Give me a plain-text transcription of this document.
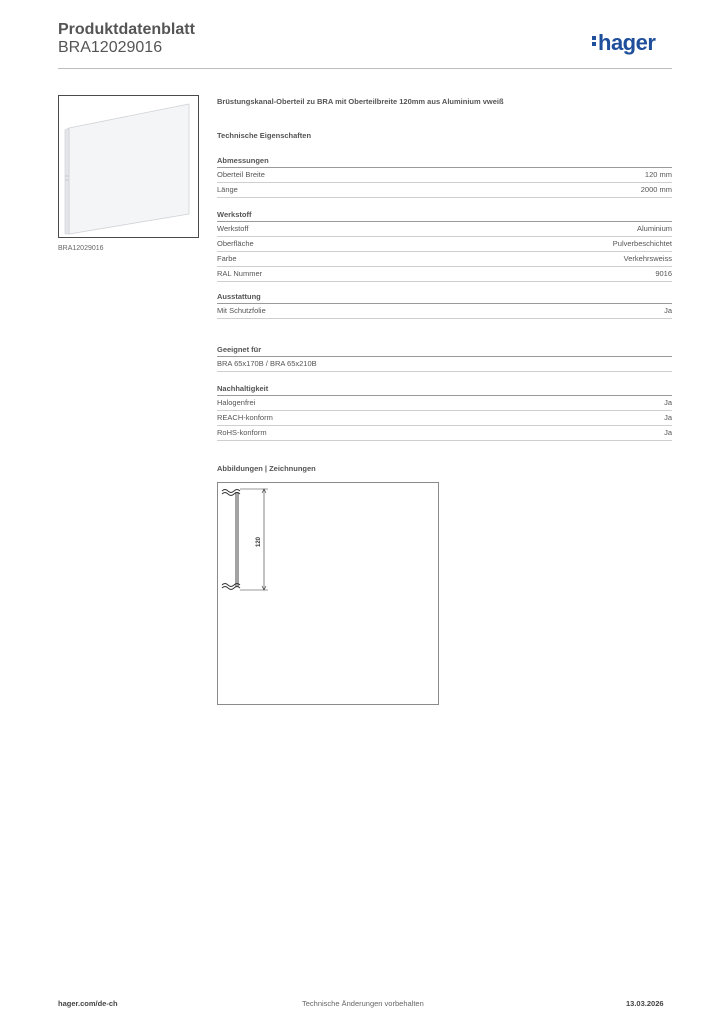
Produktdatenblatt
BRA12029016	hager
BRA12029016
Brüstungskanal-Oberteil zu BRA mit Oberteilbreite 120mm aus Aluminium vweiß
Technische Eigenschaften
Abmessungen
Oberteil Breite	120 mm
Länge	2000 mm
Werkstoff
Werkstoff	Aluminium
Oberfläche	Pulverbeschichtet
Farbe	Verkehrsweiss
RAL Nummer	9016
Ausstattung
Mit Schutzfolie	Ja
Geeignet für
BRA 65x170B / BRA 65x210B
Nachhaltigkeit
Halogenfrei	Ja
REACH-konform	Ja
RoHS-konform	Ja
Abbildungen | Zeichnungen
120
hager.com/de-ch	Technische Änderungen vorbehalten	13.03.2026
